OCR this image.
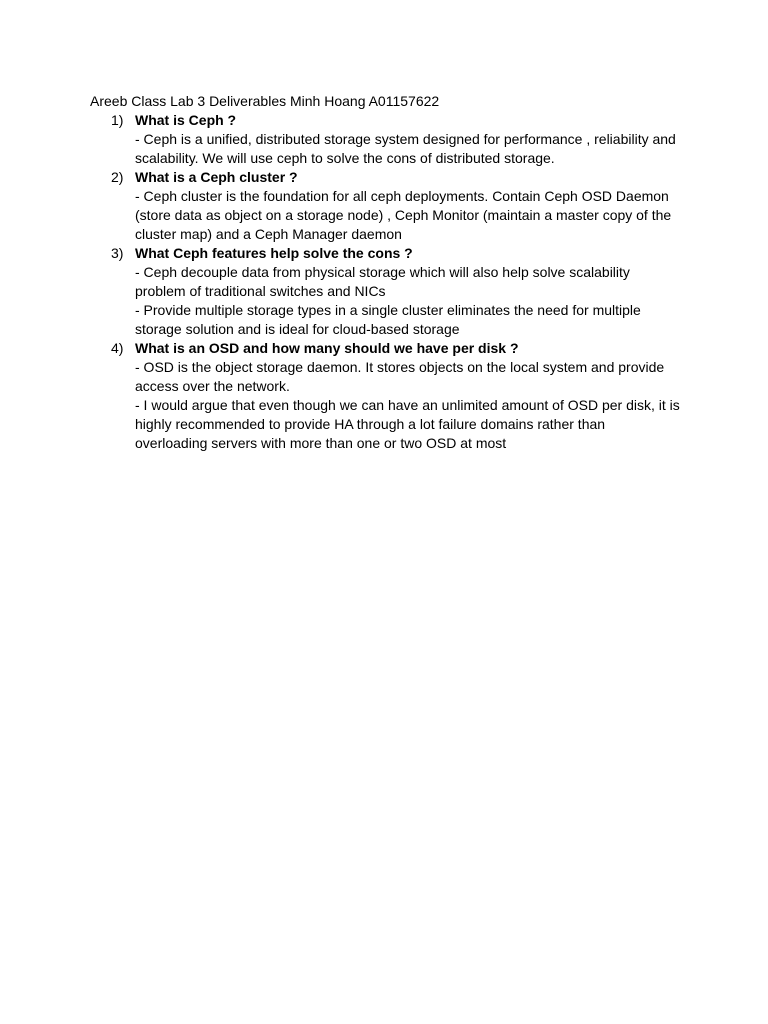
Areeb Class Lab 3 Deliverables Minh Hoang A01157622
1) What is Ceph ?
- Ceph is a unified, distributed storage system designed for performance , reliability and scalability. We will use ceph to solve the cons of distributed storage.
2) What is a Ceph cluster ?
- Ceph cluster is the foundation for all ceph deployments. Contain Ceph OSD Daemon (store data as object on a storage node) , Ceph Monitor (maintain a master copy of the cluster map) and a Ceph Manager daemon
3) What Ceph features help solve the cons ?
- Ceph decouple data from physical storage which will also help solve scalability problem of traditional switches and NICs
- Provide multiple storage types in a single cluster eliminates the need for multiple storage solution and is ideal for cloud-based storage
4) What is an OSD and how many should we have per disk ?
- OSD is the object storage daemon. It stores objects on the local system and provide access over the network.
- I would argue that even though we can have an unlimited amount of OSD per disk, it is highly recommended to provide HA through a lot failure domains rather than overloading servers with more than one or two OSD at most
